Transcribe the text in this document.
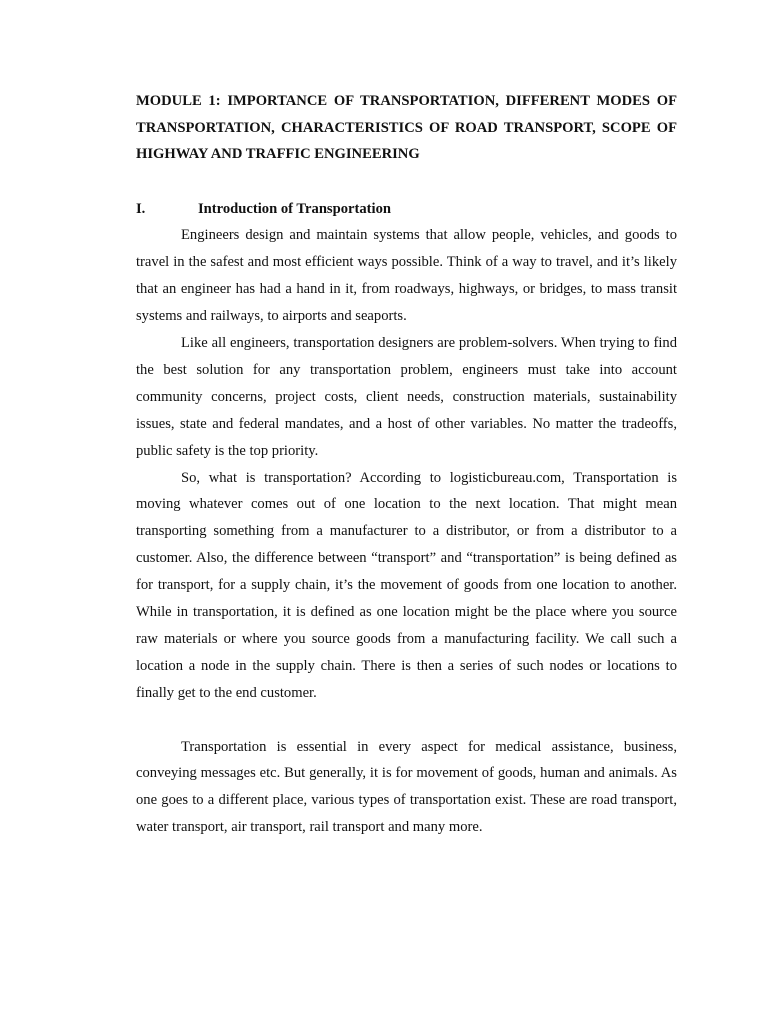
MODULE 1: IMPORTANCE OF TRANSPORTATION, DIFFERENT MODES OF TRANSPORTATION, CHARACTERISTICS OF ROAD TRANSPORT, SCOPE OF HIGHWAY AND TRAFFIC ENGINEERING

I.	Introduction of Transportation

Engineers design and maintain systems that allow people, vehicles, and goods to travel in the safest and most efficient ways possible. Think of a way to travel, and it’s likely that an engineer has had a hand in it, from roadways, highways, or bridges, to mass transit systems and railways, to airports and seaports.

Like all engineers, transportation designers are problem-solvers. When trying to find the best solution for any transportation problem, engineers must take into account community concerns, project costs, client needs, construction materials, sustainability issues, state and federal mandates, and a host of other variables. No matter the tradeoffs, public safety is the top priority.

So, what is transportation? According to logisticbureau.com, Transportation is moving whatever comes out of one location to the next location. That might mean transporting something from a manufacturer to a distributor, or from a distributor to a customer. Also, the difference between “transport” and “transportation” is being defined as for transport, for a supply chain, it’s the movement of goods from one location to another. While in transportation, it is defined as one location might be the place where you source raw materials or where you source goods from a manufacturing facility. We call such a location a node in the supply chain. There is then a series of such nodes or locations to finally get to the end customer.

Transportation is essential in every aspect for medical assistance, business, conveying messages etc. But generally, it is for movement of goods, human and animals. As one goes to a different place, various types of transportation exist. These are road transport, water transport, air transport, rail transport and many more.
